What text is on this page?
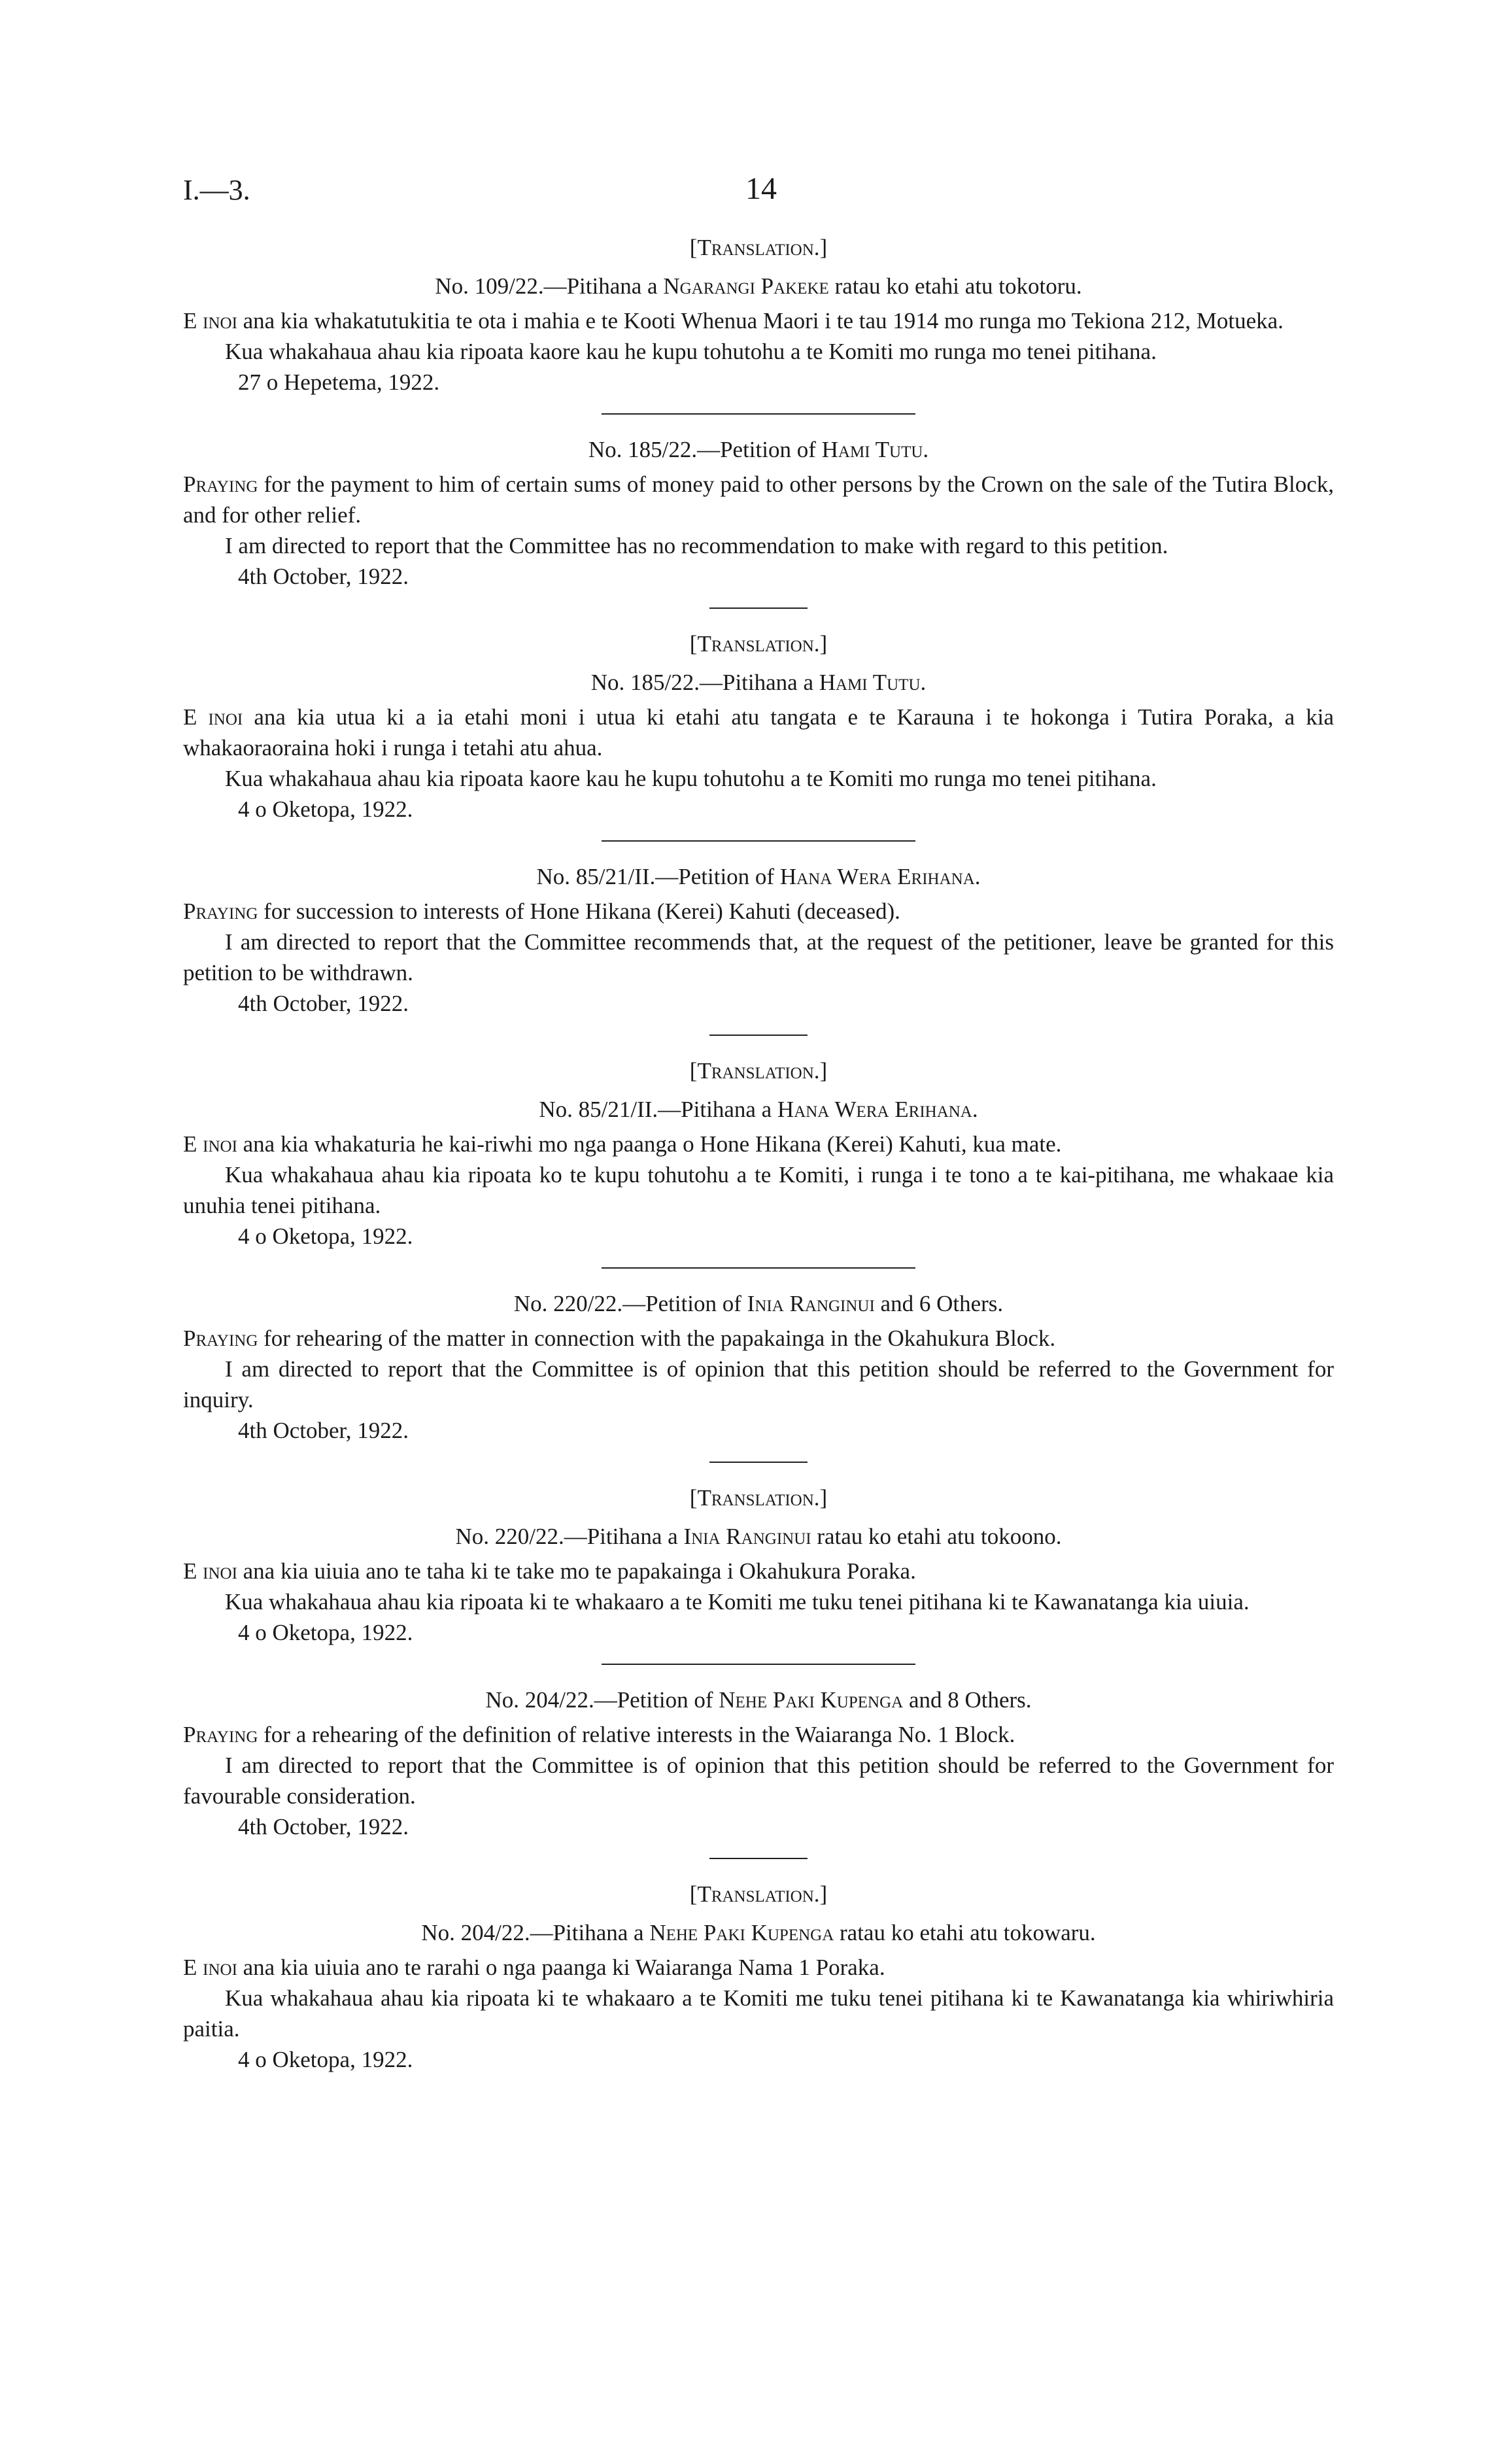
I.—3.	14
[Translation.]
No. 109/22.—Pitihana a Ngarangi Pakeke ratau ko etahi atu tokotoru.

E inoi ana kia whakatutukitia te ota i mahia e te Kooti Whenua Maori i te tau 1914 mo runga mo Tekiona 212, Motueka.

Kua whakahaua ahau kia ripoata kaore kau he kupu tohutohu a te Komiti mo runga mo tenei pitihana.

27 o Hepetema, 1922.
No. 185/22.—Petition of Hami Tutu.

Praying for the payment to him of certain sums of money paid to other persons by the Crown on the sale of the Tutira Block, and for other relief.

I am directed to report that the Committee has no recommendation to make with regard to this petition.

4th October, 1922.
[Translation.]
No. 185/22.—Pitihana a Hami Tutu.

E inoi ana kia utua ki a ia etahi moni i utua ki etahi atu tangata e te Karauna i te hokonga i Tutira Poraka, a kia whakaoraoraina hoki i runga i tetahi atu ahua.

Kua whakahaua ahau kia ripoata kaore kau he kupu tohutohu a te Komiti mo runga mo tenei pitihana.

4 o Oketopa, 1922.
No. 85/21/II.—Petition of Hana Wera Erihana.

Praying for succession to interests of Hone Hikana (Kerei) Kahuti (deceased).

I am directed to report that the Committee recommends that, at the request of the petitioner, leave be granted for this petition to be withdrawn.

4th October, 1922.
[Translation.]
No. 85/21/II.—Pitihana a Hana Wera Erihana.

E inoi ana kia whakaturia he kai-riwhi mo nga paanga o Hone Hikana (Kerei) Kahuti, kua mate.

Kua whakahaua ahau kia ripoata ko te kupu tohutohu a te Komiti, i runga i te tono a te kai-pitihana, me whakaae kia unuhia tenei pitihana.

4 o Oketopa, 1922.
No. 220/22.—Petition of Inia Ranginui and 6 Others.

Praying for rehearing of the matter in connection with the papakainga in the Okahukura Block.

I am directed to report that the Committee is of opinion that this petition should be referred to the Government for inquiry.

4th October, 1922.
[Translation.]
No. 220/22.—Pitihana a Inia Ranginui ratau ko etahi atu tokoono.

E inoi ana kia uiuia ano te taha ki te take mo te papakainga i Okahukura Poraka.

Kua whakahaua ahau kia ripoata ki te whakaaro a te Komiti me tuku tenei pitihana ki te Kawanatanga kia uiuia.

4 o Oketopa, 1922.
No. 204/22.—Petition of Nehe Paki Kupenga and 8 Others.

Praying for a rehearing of the definition of relative interests in the Waiaranga No. 1 Block.

I am directed to report that the Committee is of opinion that this petition should be referred to the Government for favourable consideration.

4th October, 1922.
[Translation.]
No. 204/22.—Pitihana a Nehe Paki Kupenga ratau ko etahi atu tokowaru.

E inoi ana kia uiuia ano te rarahi o nga paanga ki Waiaranga Nama 1 Poraka.

Kua whakahaua ahau kia ripoata ki te whakaaro a te Komiti me tuku tenei pitihana ki te Kawanatanga kia whiriwhiria paitia.

4 o Oketopa, 1922.
